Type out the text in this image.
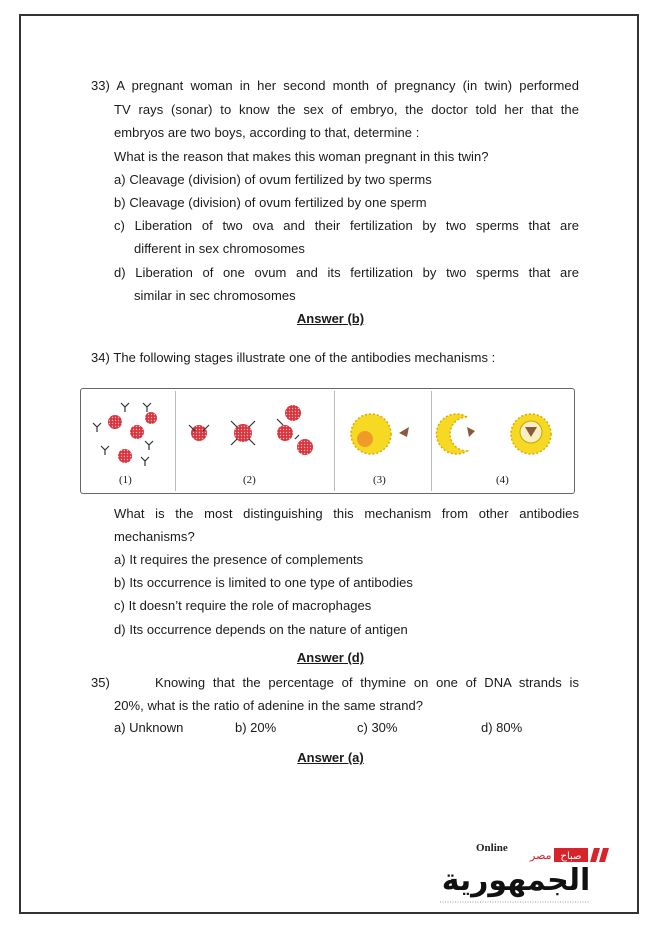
33) A pregnant woman in her second month of pregnancy (in twin) performed
TV rays (sonar) to know the sex of embryo, the doctor told her that the
embryos are two boys, according to that, determine :
What is the reason that makes this woman pregnant in this twin?
a) Cleavage (division) of ovum fertilized by two sperms
b) Cleavage (division) of ovum fertilized by one sperm
c) Liberation of two ova and their fertilization by two sperms that are
different in sex chromosomes
d) Liberation of one ovum and its fertilization by two sperms that are
similar in sec chromosomes
Answer (b)
34) The following stages illustrate one of the antibodies mechanisms :
(1)	(2)	(3)	(4)
What is the most distinguishing this mechanism from other antibodies
mechanisms?
a) It requires the presence of complements
b) Its occurrence is limited to one type of antibodies
c) It doesn’t require the role of macrophages
d) Its occurrence depends on the nature of antigen
Answer (d)
35)	Knowing that the percentage of thymine on one of DNA strands is
20%, what is the ratio of adenine in the same strand?
a) Unknown	b) 20%	c) 30%	d) 80%
Answer (a)
Online
مصر صباح
الجمهورية
